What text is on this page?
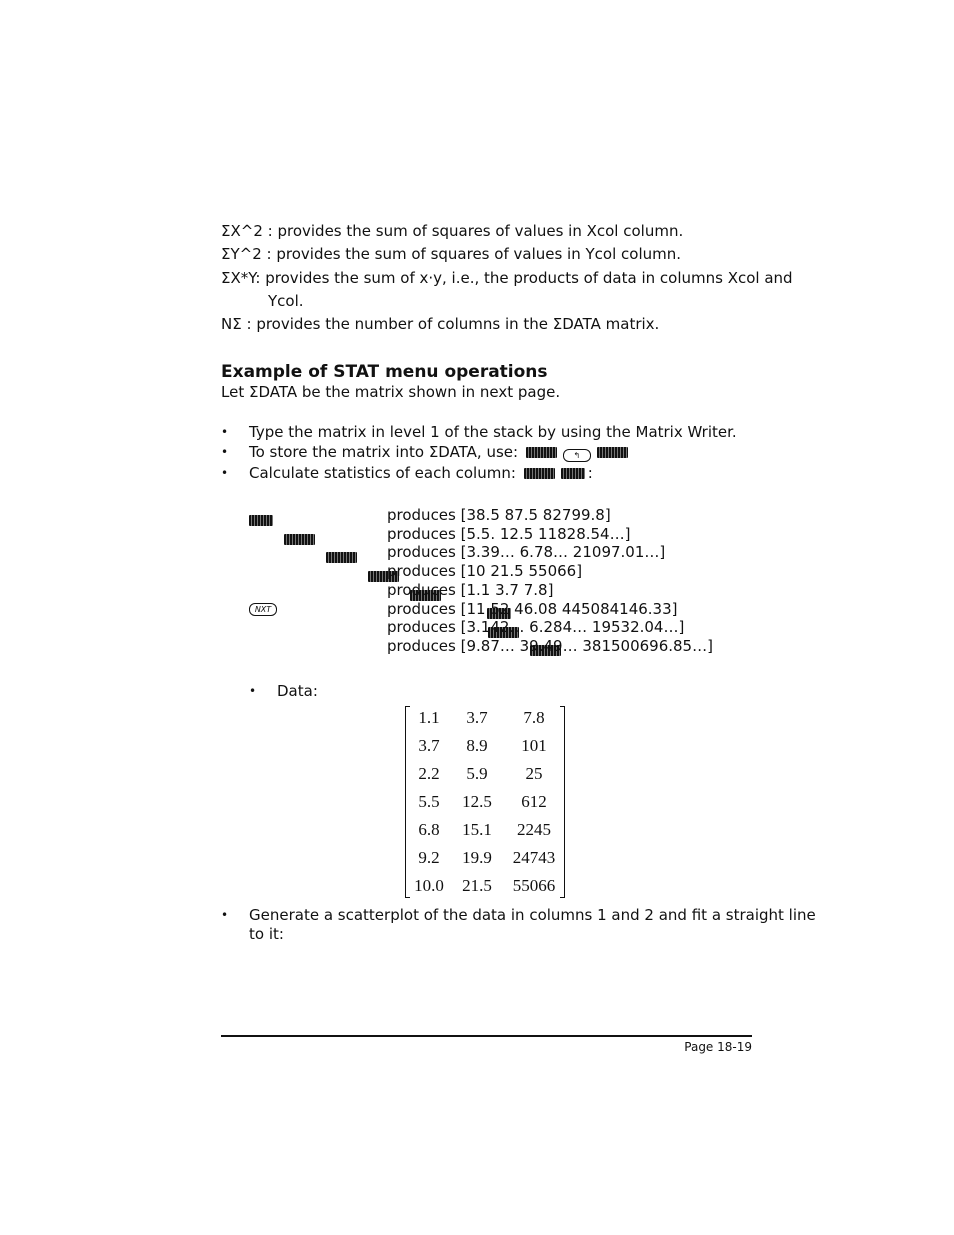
ΣX^2 : provides the sum of squares of values in Xcol column.
ΣY^2 : provides the sum of squares of values in Ycol column.
ΣX*Y: provides the sum of x·y, i.e., the products of data in columns Xcol and
Ycol.
NΣ : provides the number of columns in the ΣDATA matrix.
Example of STAT menu operations
Let ΣDATA be the matrix shown in next page.
• Type the matrix in level 1 of the stack by using the Matrix Writer.
• To store the matrix into ΣDATA, use:	↰
• Calculate statistics of each column:	:

produces [38.5 87.5 82799.8]

produces [5.5. 12.5 11828.54…]

produces [3.39… 6.78… 21097.01…]

produces [10 21.5 55066]

produces [1.1 3.7 7.8]
NXT
	produces [11.52 46.08 445084146.33]

produces [3.142… 6.284… 19532.04…]
produces [9.87… 39.49… 381500696.85…]
• Data:
1.1	3.7	7.8
3.7	8.9	101
2.2	5.9	25
5.5	12.5	612
6.8	15.1	2245
9.2	19.9	24743
10.0	21.5	55066
• Generate a scatterplot of the data in columns 1 and 2 and fit a straight line
to it:
Page 18-19
